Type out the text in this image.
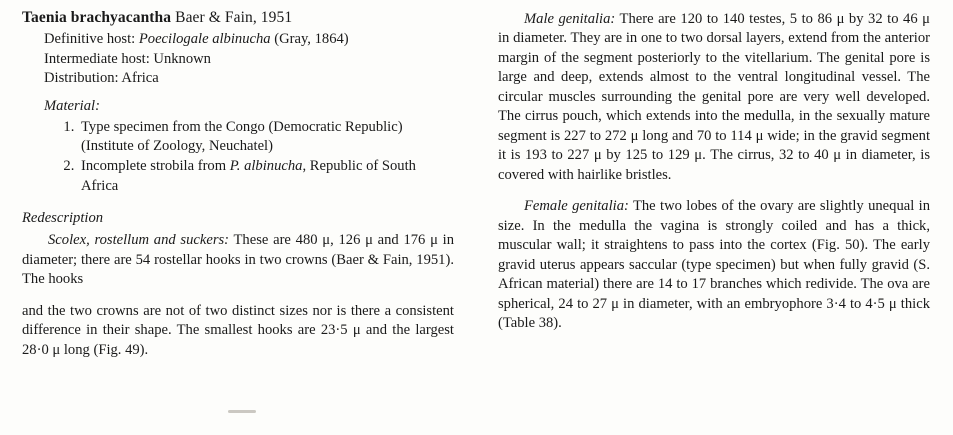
Taenia brachyacantha Baer & Fain, 1951
Definitive host: Poecilogale albinucha (Gray, 1864)
Intermediate host: Unknown
Distribution: Africa
Material:
1. Type specimen from the Congo (Democratic Republic) (Institute of Zoology, Neuchatel)
2. Incomplete strobila from P. albinucha, Republic of South Africa
Redescription

Scolex, rostellum and suckers: These are 480 μ, 126 μ and 176 μ in diameter; there are 54 rostellar hooks in two crowns (Baer & Fain, 1951). The hooks

and the two crowns are not of two distinct sizes nor is there a consistent difference in their shape. The smallest hooks are 23·5 μ and the largest 28·0 μ long (Fig. 49).

Male genitalia: There are 120 to 140 testes, 5 to 86 μ by 32 to 46 μ in diameter. They are in one to two dorsal layers, extend from the anterior margin of the segment posteriorly to the vitellarium. The genital pore is large and deep, extends almost to the ventral longitudinal vessel. The circular muscles surrounding the genital pore are very well developed. The cirrus pouch, which extends into the medulla, in the sexually mature segment is 227 to 272 μ long and 70 to 114 μ wide; in the gravid segment it is 193 to 227 μ by 125 to 129 μ. The cirrus, 32 to 40 μ in diameter, is covered with hairlike bristles.

Female genitalia: The two lobes of the ovary are slightly unequal in size. In the medulla the vagina is strongly coiled and has a thick, muscular wall; it straightens to pass into the cortex (Fig. 50). The early gravid uterus appears saccular (type specimen) but when fully gravid (S. African material) there are 14 to 17 branches which redivide. The ova are spherical, 24 to 27 μ in diameter, with an embryophore 3·4 to 4·5 μ thick (Table 38).
